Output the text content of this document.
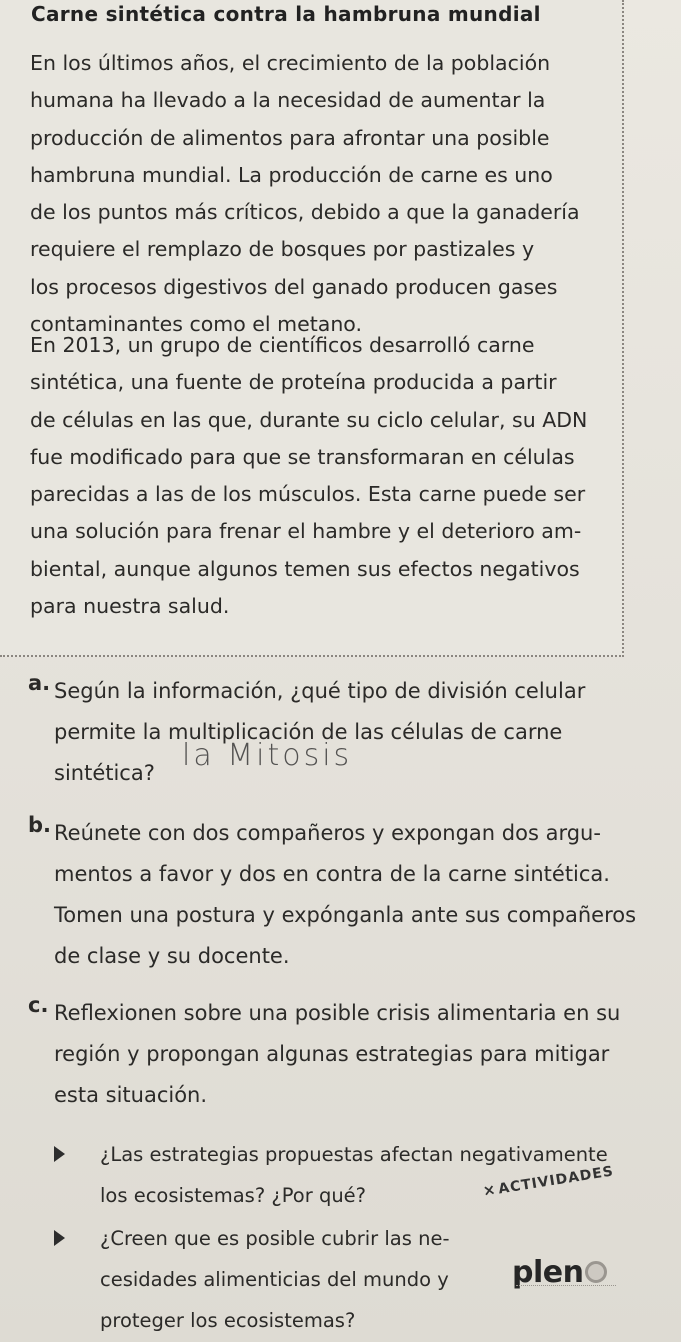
Carne sintética contra la hambruna mundial
En los últimos años, el crecimiento de la población
humana ha llevado a la necesidad de aumentar la
producción de alimentos para afrontar una posible
hambruna mundial. La producción de carne es uno
de los puntos más críticos, debido a que la ganadería
requiere el remplazo de bosques por pastizales y
los procesos digestivos del ganado producen gases
contaminantes como el metano.
En 2013, un grupo de científicos desarrolló carne
sintética, una fuente de proteína producida a partir
de células en las que, durante su ciclo celular, su ADN
fue modificado para que se transformaran en células
parecidas a las de los músculos. Esta carne puede ser
una solución para frenar el hambre y el deterioro am-
biental, aunque algunos temen sus efectos negativos
para nuestra salud.
a. Según la información, ¿qué tipo de división celular
permite la multiplicación de las células de carne
sintética? la Mitosis
b. Reúnete con dos compañeros y expongan dos argu-
mentos a favor y dos en contra de la carne sintética.
Tomen una postura y expónganla ante sus compañeros
de clase y su docente.
c. Reflexionen sobre una posible crisis alimentaria en su
región y propongan algunas estrategias para mitigar
esta situación.
¿Las estrategias propuestas afectan negativamente
los ecosistemas? ¿Por qué?
¿Creen que es posible cubrir las ne-
cesidades alimenticias del mundo y
proteger los ecosistemas?
×ACTIVIDADES
plen
